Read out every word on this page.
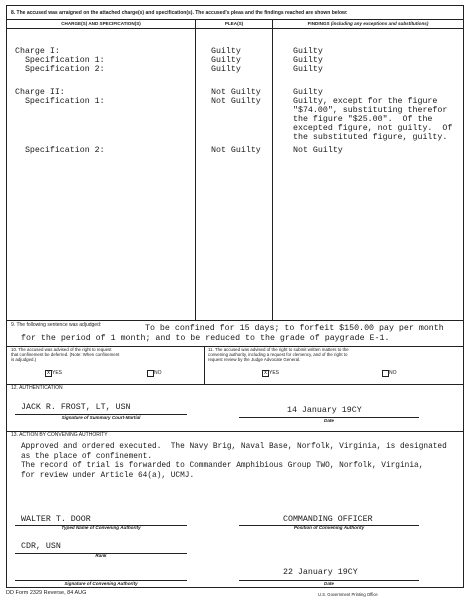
8. The accused was arraigned on the attached charge(s) and specification(s). The accused's pleas and the findings reached are shown below:
CHARGE(S) AND SPECIFICATION(S)	PLEA(S)	FINDINGS (including any exceptions and substitutions)
Charge I:	Guilty	Guilty
Specification 1:	Guilty	Guilty
Specification 2:	Guilty	Guilty
Charge II:	Not Guilty	Guilty
Specification 1:	Not Guilty	Guilty, except for the figure
"$74.00", substituting therefor
the figure "$25.00".  Of the
excepted figure, not guilty.  Of
the substituted figure, guilty.
Specification 2:	Not Guilty	Not Guilty
9. The following sentence was adjudged:	To be confined for 15 days; to forfeit $150.00 pay per month
for the period of 1 month; and to be reduced to the grade of paygrade E-1.
10. The accused was advised of the right to request
that confinement be deferred. (Note: When confinement
is adjudged.)
x YES	NO
11. The accused was advised of the right to submit written matters to the
convening authority, including a request for clemency, and of the right to
request review by the Judge Advocate General.
x YES	NO
12. AUTHENTICATION
JACK R. FROST, LT, USN
Signature of Summary Court-Martial
14 January 19CY
Date
13. ACTION BY CONVENING AUTHORITY
Approved and ordered executed.  The Navy Brig, Naval Base, Norfolk, Virginia, is designated
as the place of confinement.
The record of trial is forwarded to Commander Amphibious Group TWO, Norfolk, Virginia,
for review under Article 64(a), UCMJ.
WALTER T. DOOR
Typed Name of Convening Authority
COMMANDING OFFICER
Position of Convening Authority
CDR, USN
Rank
22 January 19CY
Signature of Convening Authority	Date
DD Form 2329 Reverse, 84 AUG	U.S. Government Printing Office
